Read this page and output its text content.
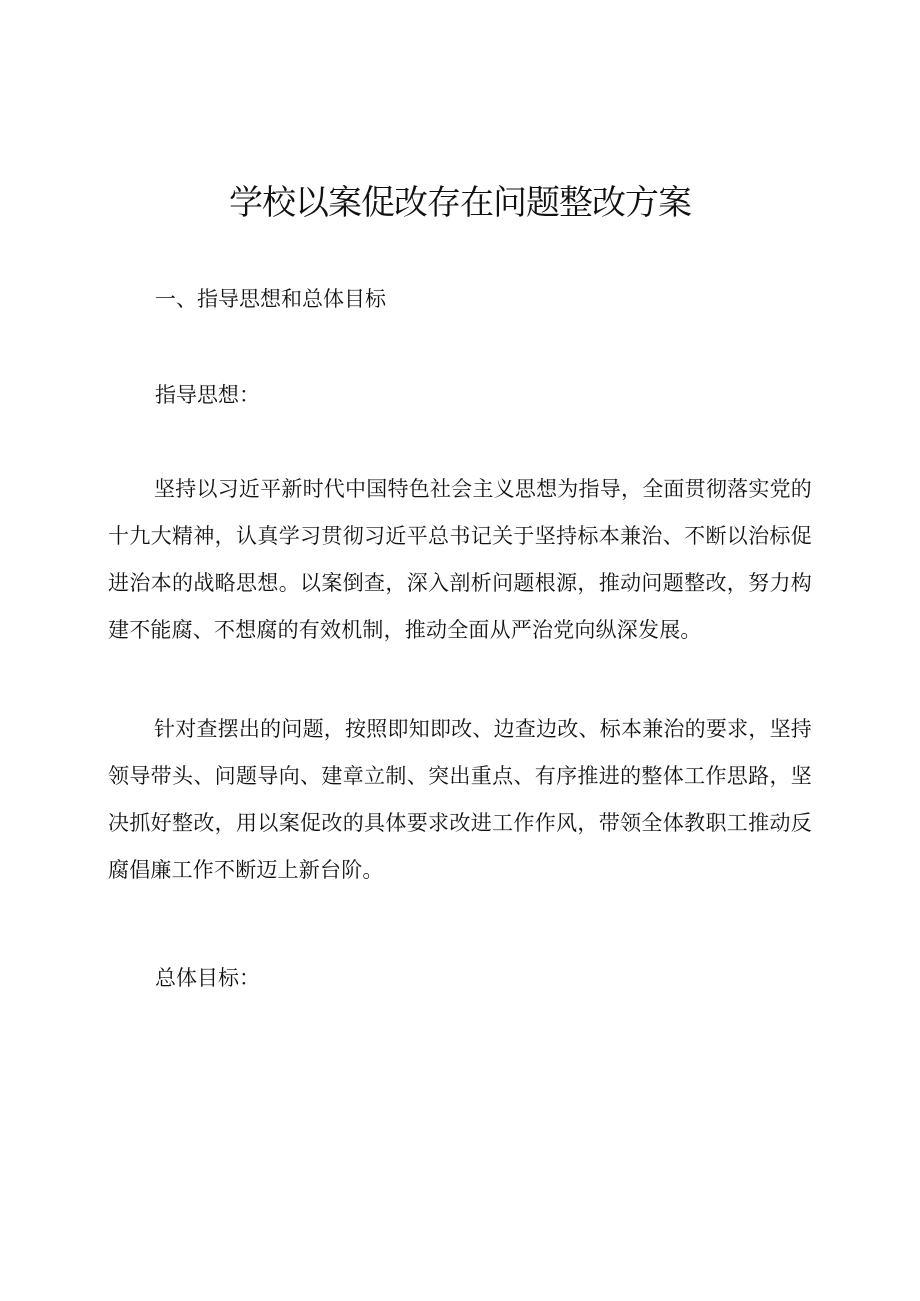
学校以案促改存在问题整改方案
一、指导思想和总体目标

指导思想：

坚持以习近平新时代中国特色社会主义思想为指导，全面贯彻落实党的十九大精神，认真学习贯彻习近平总书记关于坚持标本兼治、不断以治标促进治本的战略思想。以案倒查，深入剖析问题根源，推动问题整改，努力构建不能腐、不想腐的有效机制，推动全面从严治党向纵深发展。

针对查摆出的问题，按照即知即改、边查边改、标本兼治的要求，坚持领导带头、问题导向、建章立制、突出重点、有序推进的整体工作思路，坚决抓好整改，用以案促改的具体要求改进工作作风，带领全体教职工推动反腐倡廉工作不断迈上新台阶。

总体目标：
